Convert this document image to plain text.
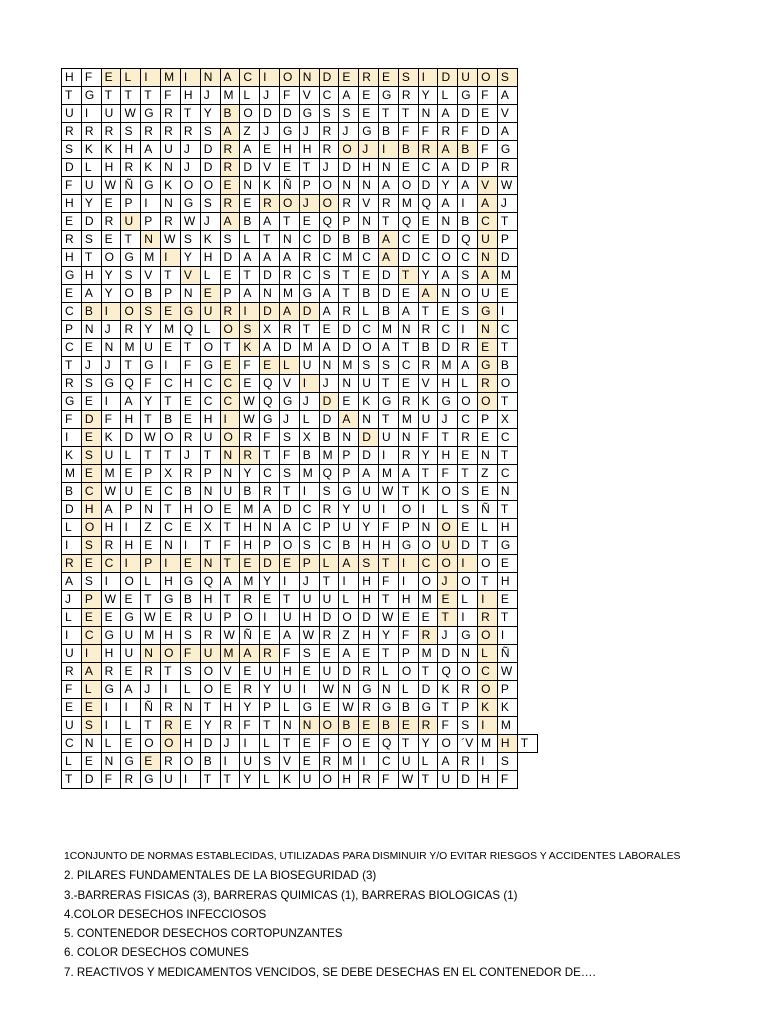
H	F	E	L	I	M	I	N	A	C	I	O	N	D	E	R	E	S	I	D	U	O	S	
T	G	T	T	T	F	H	J	M	L	J	F	V	C	A	E	G	R	Y	L	G	F	A	
U	I	U	W	G	R	T	Y	B	O	D	D	G	S	S	E	T	T	N	A	D	E	V	
R	R	R	S	R	R	R	S	A	Z	J	G	J	R	J	G	B	F	F	R	F	D	A	
S	K	K	H	A	U	J	D	R	A	E	H	H	R	O	J	I	B	R	A	B	F	G	
D	L	H	R	K	N	J	D	R	D	V	E	T	J	D	H	N	E	C	A	D	P	R	
F	U	W	Ñ	G	K	O	O	E	N	K	Ñ	P	O	N	N	A	O	D	Y	A	V	W	
H	Y	E	P	I	N	G	S	R	E	R	O	J	O	R	V	R	M	Q	A	I	A	J	
E	D	R	U	P	R	W	J	A	B	A	T	E	Q	P	N	T	Q	E	N	B	C	T	
R	S	E	T	N	W	S	K	S	L	T	N	C	D	B	B	A	C	E	D	Q	U	P	
H	T	O	G	M	I	Y	H	D	A	A	A	R	C	M	C	A	D	C	O	C	N	D	
G	H	Y	S	V	T	V	L	E	T	D	R	C	S	T	E	D	T	Y	A	S	A	M	
E	A	Y	O	B	P	N	E	P	A	N	M	G	A	T	B	D	E	A	N	O	U	E	
C	B	I	O	S	E	G	U	R	I	D	A	D	A	R	L	B	A	T	E	S	G	I	
P	N	J	R	Y	M	Q	L	O	S	X	R	T	E	D	C	M	N	R	C	I	N	C	
C	E	N	M	U	E	T	O	T	K	A	D	M	A	D	O	A	T	B	D	R	E	T	
T	J	J	T	G	I	F	G	E	F	E	L	U	N	M	S	S	C	R	M	A	G	B	
R	S	G	Q	F	C	H	C	C	E	Q	V	I	J	N	U	T	E	V	H	L	R	O	
G	E	I	A	Y	T	E	C	C	W	Q	G	J	D	E	K	G	R	K	G	O	O	T	
F	D	F	H	T	B	E	H	I	W	G	J	L	D	A	N	T	M	U	J	C	P	X	
I	E	K	D	W	O	R	U	O	R	F	S	X	B	N	D	U	N	F	T	R	E	C	
K	S	U	L	T	T	J	T	N	R	T	F	B	M	P	D	I	R	Y	H	E	N	T	
M	E	M	E	P	X	R	P	N	Y	C	S	M	Q	P	A	M	A	T	F	T	Z	C	
B	C	W	U	E	C	B	N	U	B	R	T	I	S	G	U	W	T	K	O	S	E	N	
D	H	A	P	N	T	H	O	E	M	A	D	C	R	Y	U	I	O	I	L	S	Ñ	T	
L	O	H	I	Z	C	E	X	T	H	N	A	C	P	U	Y	F	P	N	O	E	L	H	
I	S	R	H	E	N	I	T	F	H	P	O	S	C	B	H	H	G	O	U	D	T	G	
R	E	C	I	P	I	E	N	T	E	D	E	P	L	A	S	T	I	C	O	I	O	E	
A	S	I	O	L	H	G	Q	A	M	Y	I	J	T	I	H	F	I	O	J	O	T	H	
J	P	W	E	T	G	B	H	T	R	E	T	U	U	L	H	T	H	M	E	L	I	E	
L	E	E	G	W	E	R	U	P	O	I	U	H	D	O	D	W	E	E	T	I	R	T	
I	C	G	U	M	H	S	R	W	Ñ	E	A	W	R	Z	H	Y	F	R	J	G	O	I	
U	I	H	U	N	O	F	U	M	A	R	F	S	E	A	E	T	P	M	D	N	L	Ñ	
R	A	R	E	R	T	S	O	V	E	U	H	E	U	D	R	L	O	T	Q	O	C	W	
F	L	G	A	J	I	L	O	E	R	Y	U	I	W	N	G	N	L	D	K	R	O	P	
E	E	I	I	Ñ	R	N	T	H	Y	P	L	G	E	W	R	G	B	G	T	P	K	K	
U	S	I	L	T	R	E	Y	R	F	T	N	N	O	B	E	B	E	R	F	S	I	M	
C	N	L	E	O	O	H	D	J	I	L	T	E	F	O	E	Q	T	Y	O	´V	M	H	T
L	E	N	G	E	R	O	B	I	U	S	V	E	R	M	I	C	U	L	A	R	I	S	
T	D	F	R	G	U	I	T	T	Y	L	K	U	O	H	R	F	W	T	U	D	H	F	
1CONJUNTO DE NORMAS ESTABLECIDAS, UTILIZADAS PARA DISMINUIR Y/O EVITAR RIESGOS Y ACCIDENTES LABORALES
2. PILARES FUNDAMENTALES DE LA BIOSEGURIDAD (3)
3.-BARRERAS FISICAS (3), BARRERAS QUIMICAS (1), BARRERAS BIOLOGICAS (1)
4.COLOR DESECHOS INFECCIOSOS
5. CONTENEDOR DESECHOS CORTOPUNZANTES
6. COLOR DESECHOS COMUNES
7. REACTIVOS Y MEDICAMENTOS VENCIDOS, SE DEBE DESECHAS EN EL CONTENEDOR DE….
